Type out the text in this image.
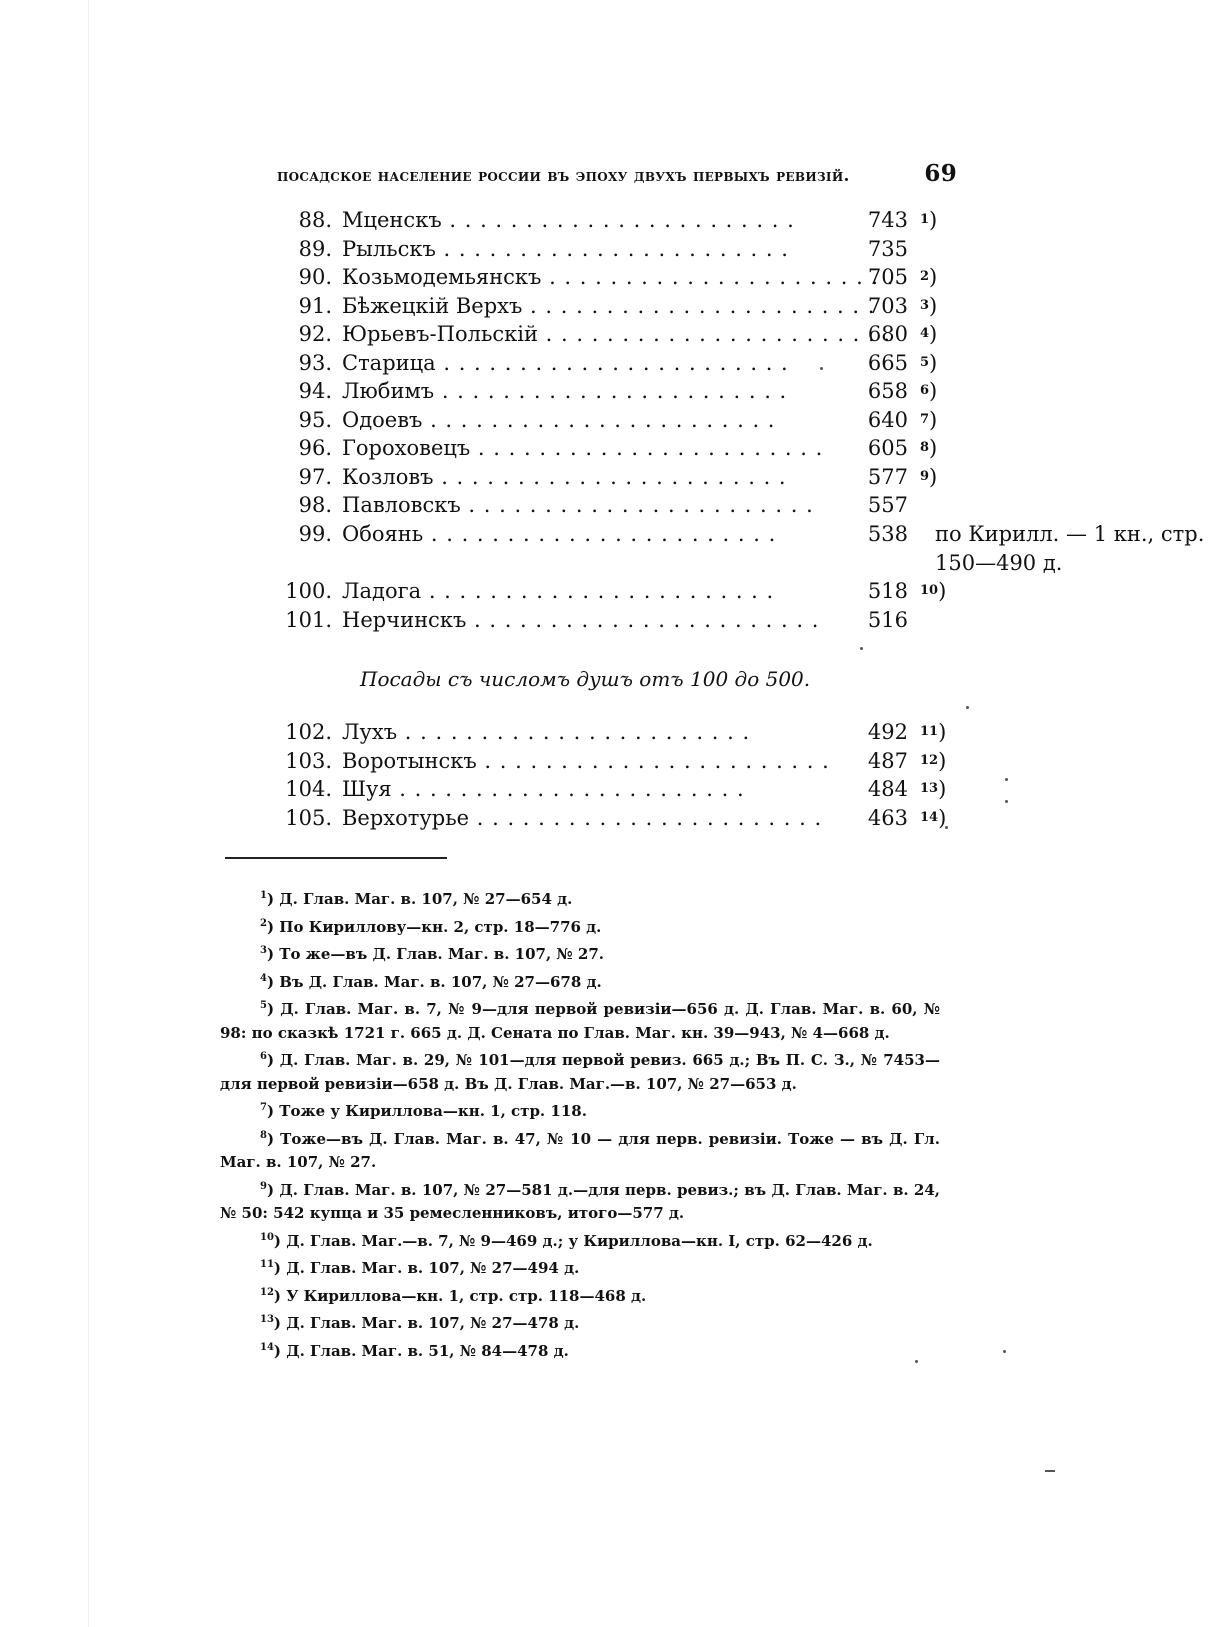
посадское население россии въ эпоху двухъ первыхъ ревизій.	69
88. Мценскъ . . .	743 1 )
89. Рыльскъ . . .	735
90. Козьмодемьянскъ . . .	705 2 )
91. Бѣжецкій Верхъ . . .	703 3 )
92. Юрьевъ-Польскій . . .	680 4 )
93. Старица . . .	665 5 )
94. Любимъ . . .	658 6 )
95. Одоевъ . . .	640 7 )
96. Гороховецъ . . .	605 8 )
97. Козловъ . . .	577 9 )
98. Павловскъ . . .	557
99. Обоянь . . .	538 по Кирилл. — 1 кн., стр. 150—490 д.
100. Ладога . . .	518 10 )
101. Нерчинскъ . . .	516
Посады съ числомъ душъ отъ 100 до 500.
102. Лухъ . . .	492 11 )
103. Воротынскъ . . .	487 12 )
104. Шуя . . .	484 13 )
105. Верхотурье . . .	463 14 )

$^1$) Д. Глав. Маг. в. 107, № 27—654 д.

$^2$) По Кириллову—кн. 2, стр. 18—776 д.

$^3$) То же—въ Д. Глав. Маг. в. 107, № 27.

$^4$) Въ Д. Глав. Маг. в. 107, № 27—678 д.

$^5$) Д. Глав. Маг. в. 7, № 9—для первой ревизіи—656 д. Д. Глав. Маг. в. 60, № 98: по сказкѣ 1721 г. 665 д. Д. Сената по Глав. Маг. кн. 39—943, № 4—668 д.

$^6$) Д. Глав. Маг. в. 29, № 101—для первой ревиз. 665 д.; Въ П. С. З., № 7453— для первой ревизіи—658 д. Въ Д. Глав. Маг.—в. 107, № 27—653 д.

$^7$) Тоже у Кириллова—кн. 1, стр. 118.

$^8$) Тоже—въ Д. Глав. Маг. в. 47, № 10 — для перв. ревизіи. Тоже — въ Д. Гл. Маг. в. 107, № 27.

$^9$) Д. Глав. Маг. в. 107, № 27—581 д.—для перв. ревиз.; въ Д. Глав. Маг. в. 24, № 50: 542 купца и 35 ремесленниковъ, итого—577 д.

$^{10}$) Д. Глав. Маг.—в. 7, № 9—469 д.; у Кириллова—кн. I, стр. 62—426 д.

$^{11}$) Д. Глав. Маг. в. 107, № 27—494 д.

$^{12}$) У Кириллова—кн. 1, стр. стр. 118—468 д.

$^{13}$) Д. Глав. Маг. в. 107, № 27—478 д.

$^{14}$) Д. Глав. Маг. в. 51, № 84—478 д.
